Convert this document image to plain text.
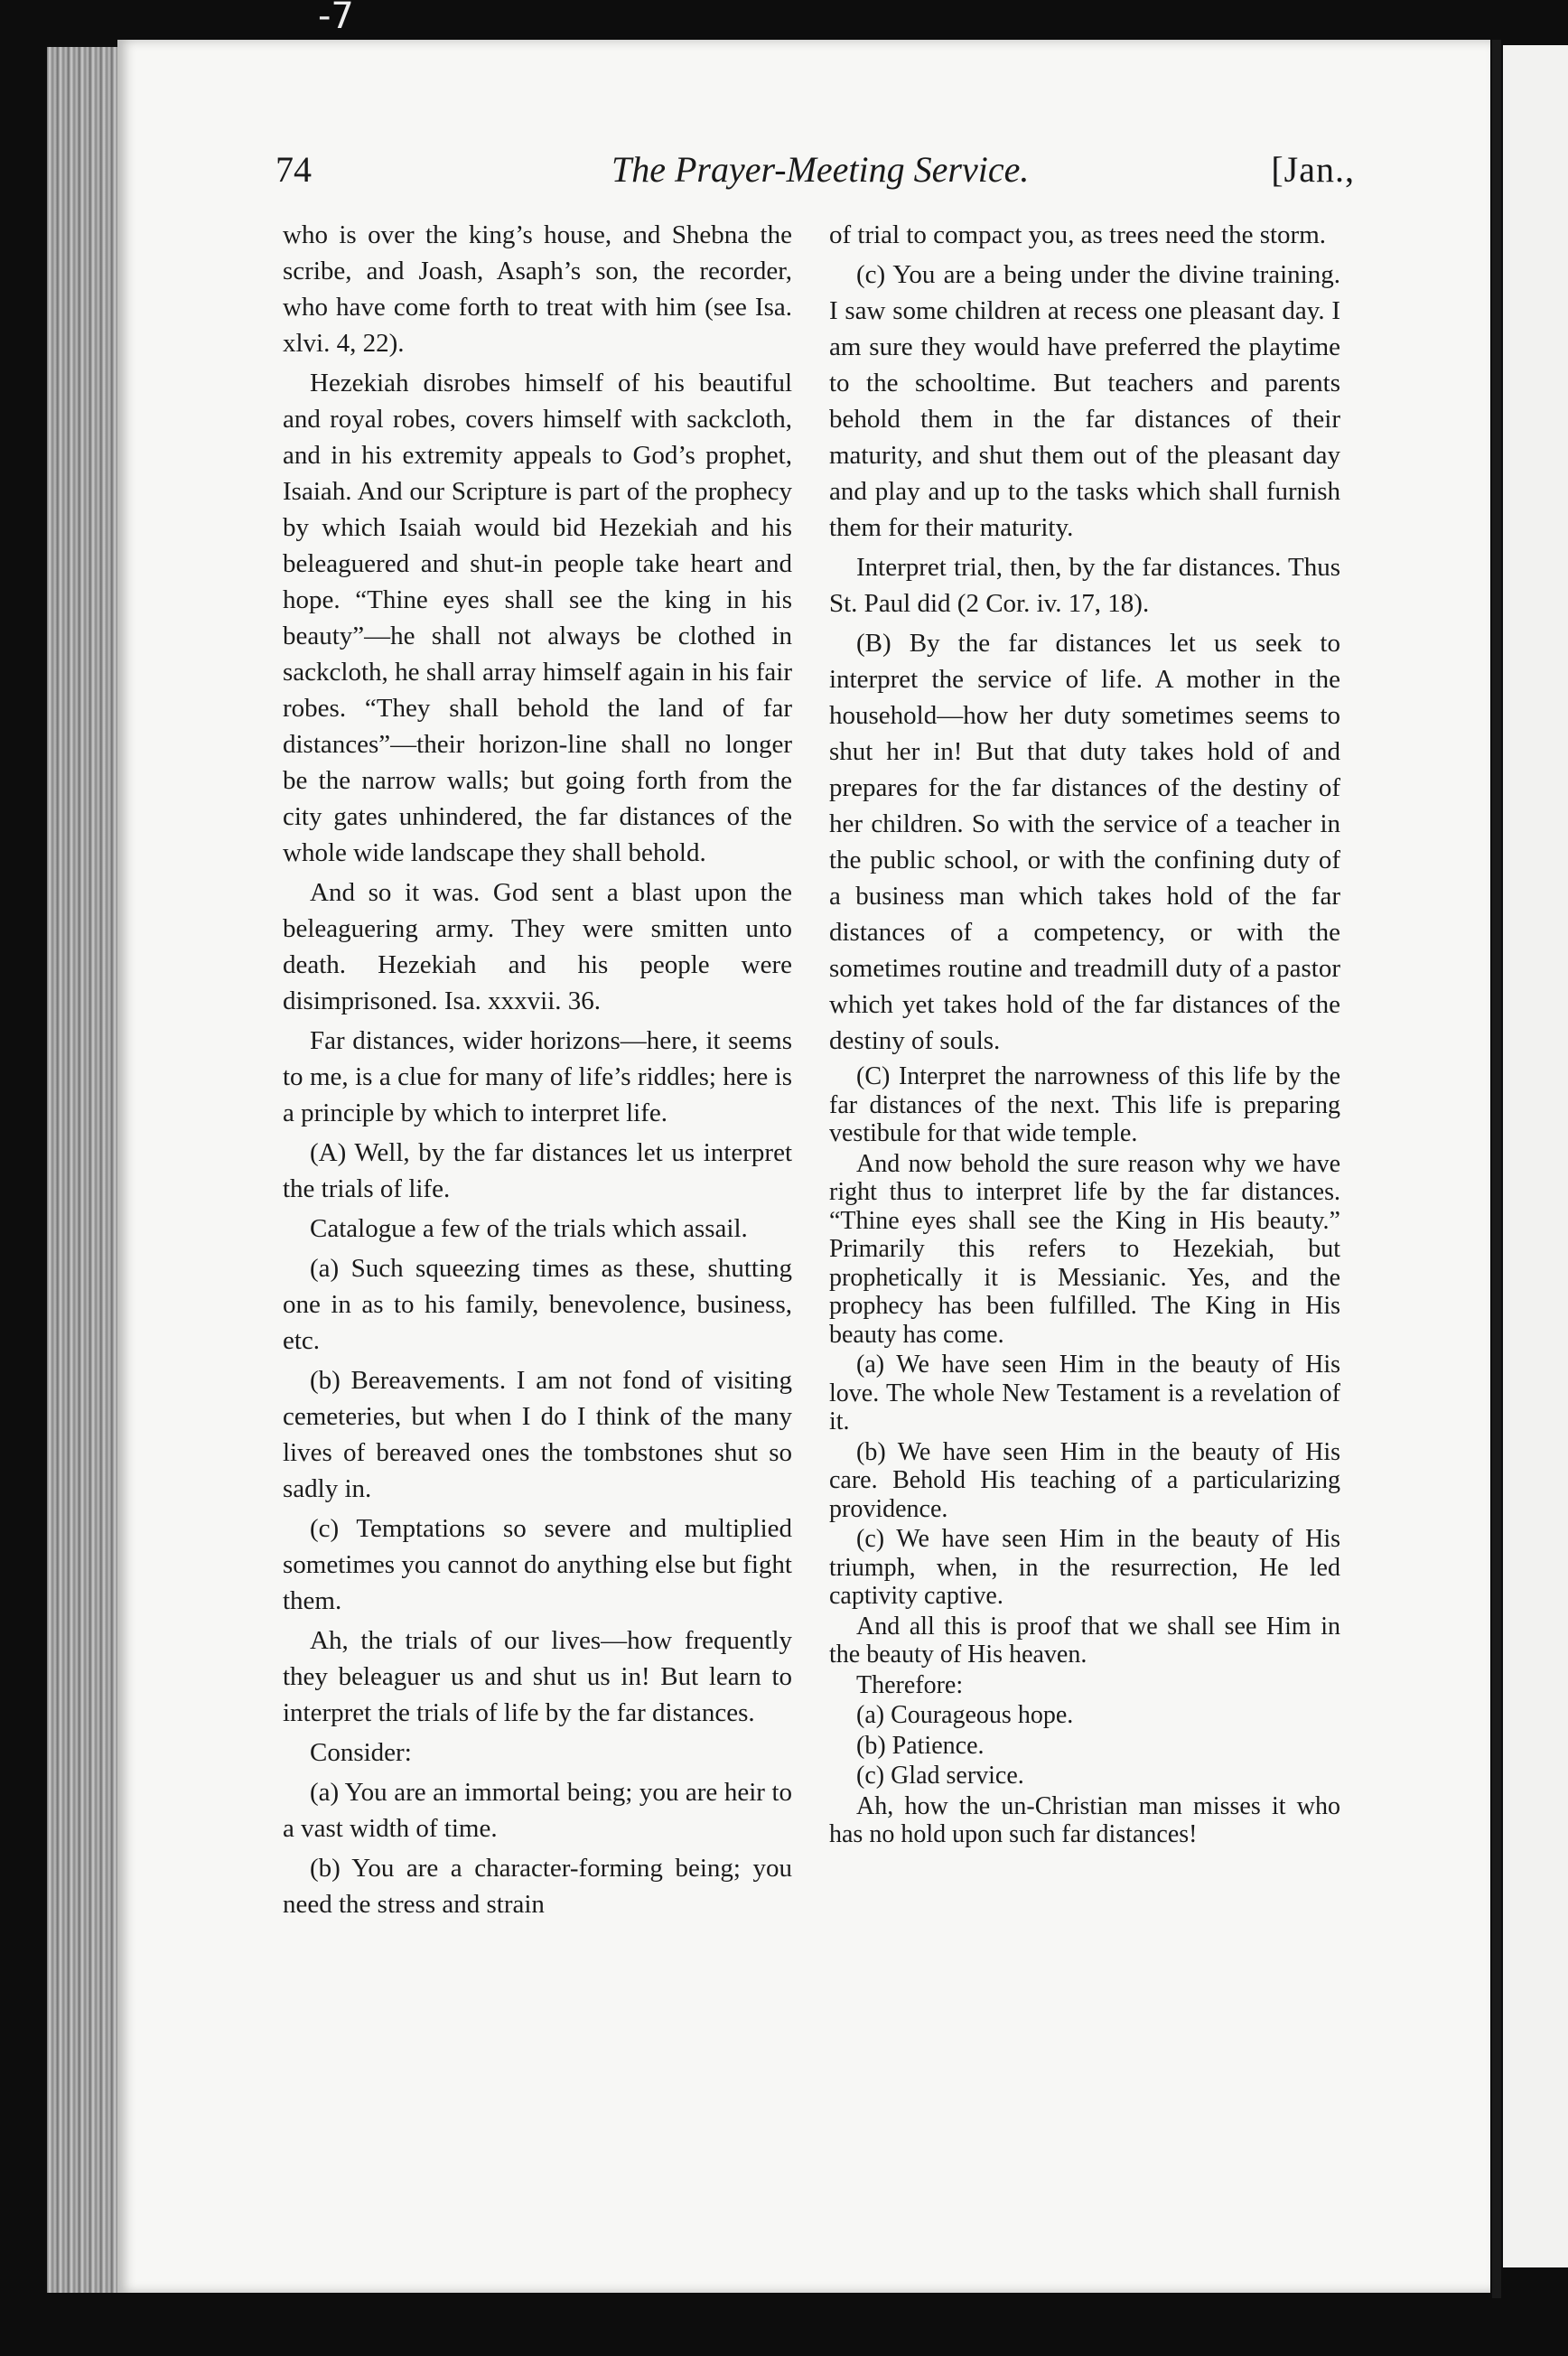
-7
74	The Prayer-Meeting Service.	[Jan.,

who is over the king’s house, and Shebna the scribe, and Joash, Asaph’s son, the recorder, who have come forth to treat with him (see Isa. xlvi. 4, 22).

Hezekiah disrobes himself of his beautiful and royal robes, covers himself with sackcloth, and in his extremity appeals to God’s prophet, Isaiah. And our Scripture is part of the prophecy by which Isaiah would bid Hezekiah and his beleaguered and shut-in people take heart and hope. “Thine eyes shall see the king in his beauty”—he shall not always be clothed in sackcloth, he shall array himself again in his fair robes. “They shall behold the land of far distances”—their horizon-line shall no longer be the narrow walls; but going forth from the city gates unhindered, the far distances of the whole wide landscape they shall behold.

And so it was. God sent a blast upon the beleaguering army. They were smitten unto death. Hezekiah and his people were disimprisoned. Isa. xxxvii. 36.

Far distances, wider horizons—here, it seems to me, is a clue for many of life’s riddles; here is a principle by which to interpret life.

(A) Well, by the far distances let us interpret the trials of life.

Catalogue a few of the trials which assail.

(a) Such squeezing times as these, shutting one in as to his family, benevolence, business, etc.

(b) Bereavements. I am not fond of visiting cemeteries, but when I do I think of the many lives of bereaved ones the tombstones shut so sadly in.

(c) Temptations so severe and multiplied sometimes you cannot do anything else but fight them.

Ah, the trials of our lives—how frequently they beleaguer us and shut us in! But learn to interpret the trials of life by the far distances.

Consider:

(a) You are an immortal being; you are heir to a vast width of time.

(b) You are a character-forming being; you need the stress and strain

of trial to compact you, as trees need the storm.

(c) You are a being under the divine training. I saw some children at recess one pleasant day. I am sure they would have preferred the playtime to the schooltime. But teachers and parents behold them in the far distances of their maturity, and shut them out of the pleasant day and play and up to the tasks which shall furnish them for their maturity.

Interpret trial, then, by the far distances. Thus St. Paul did (2 Cor. iv. 17, 18).

(B) By the far distances let us seek to interpret the service of life. A mother in the household—how her duty sometimes seems to shut her in! But that duty takes hold of and prepares for the far distances of the destiny of her children. So with the service of a teacher in the public school, or with the confining duty of a business man which takes hold of the far distances of a competency, or with the sometimes routine and treadmill duty of a pastor which yet takes hold of the far distances of the destiny of souls.

(C) Interpret the narrowness of this life by the far distances of the next. This life is preparing vestibule for that wide temple.

And now behold the sure reason why we have right thus to interpret life by the far distances. “Thine eyes shall see the King in His beauty.” Primarily this refers to Hezekiah, but prophetically it is Messianic. Yes, and the prophecy has been fulfilled. The King in His beauty has come.

(a) We have seen Him in the beauty of His love. The whole New Testament is a revelation of it.

(b) We have seen Him in the beauty of His care. Behold His teaching of a particularizing providence.

(c) We have seen Him in the beauty of His triumph, when, in the resurrection, He led captivity captive.

And all this is proof that we shall see Him in the beauty of His heaven.

Therefore:

(a) Courageous hope.

(b) Patience.

(c) Glad service.

Ah, how the un-Christian man misses it who has no hold upon such far distances!
